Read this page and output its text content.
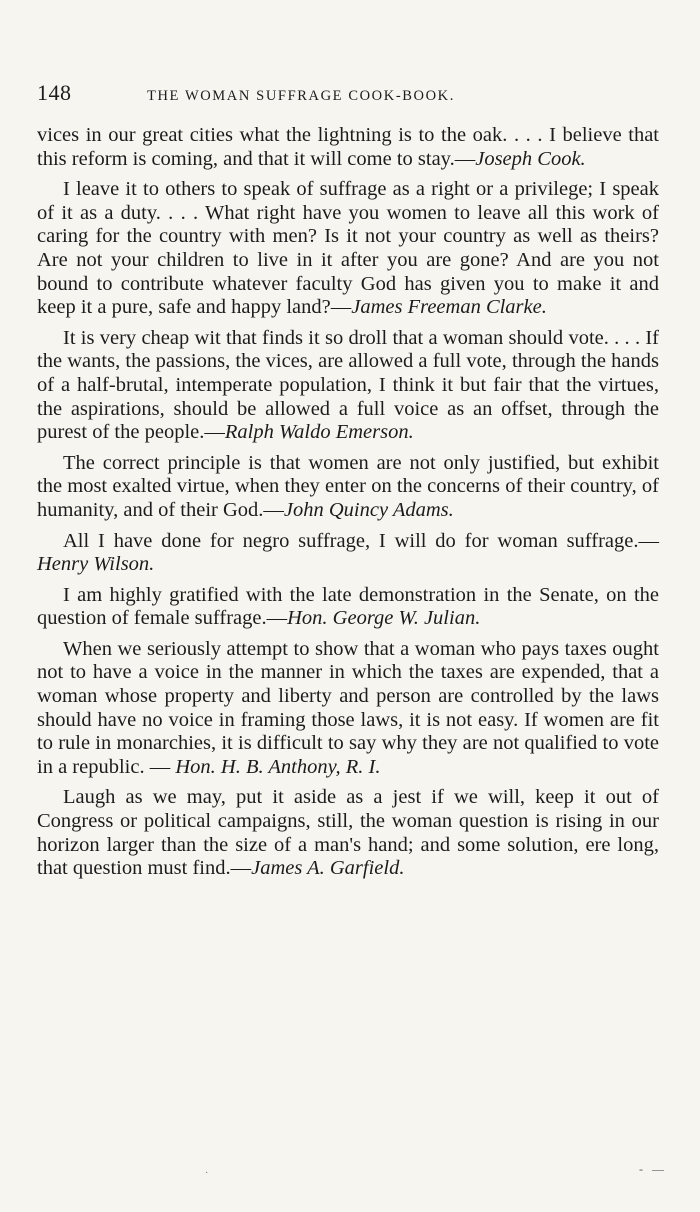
148	THE WOMAN SUFFRAGE COOK-BOOK.

vices in our great cities what the lightning is to the oak. . . . I believe that this reform is coming, and that it will come to stay.—Joseph Cook.

I leave it to others to speak of suffrage as a right or a privilege; I speak of it as a duty. . . . What right have you women to leave all this work of caring for the country with men? Is it not your country as well as theirs? Are not your children to live in it after you are gone? And are you not bound to contribute whatever faculty God has given you to make it and keep it a pure, safe and happy land?—James Freeman Clarke.

It is very cheap wit that finds it so droll that a woman should vote. . . . If the wants, the passions, the vices, are allowed a full vote, through the hands of a half-brutal, intemperate population, I think it but fair that the virtues, the aspirations, should be allowed a full voice as an offset, through the purest of the people.—Ralph Waldo Emerson.

The correct principle is that women are not only justified, but exhibit the most exalted virtue, when they enter on the concerns of their country, of humanity, and of their God.—John Quincy Adams.

All I have done for negro suffrage, I will do for woman suffrage.—Henry Wilson.

I am highly gratified with the late demonstration in the Senate, on the question of female suffrage.—Hon. George W. Julian.

When we seriously attempt to show that a woman who pays taxes ought not to have a voice in the manner in which the taxes are expended, that a woman whose property and liberty and person are controlled by the laws should have no voice in framing those laws, it is not easy. If women are fit to rule in monarchies, it is difficult to say why they are not qualified to vote in a republic. — Hon. H. B. Anthony, R. I.

Laugh as we may, put it aside as a jest if we will, keep it out of Congress or political campaigns, still, the woman question is rising in our horizon larger than the size of a man's hand; and some solution, ere long, that question must find.—James A. Garfield.

·	- —
